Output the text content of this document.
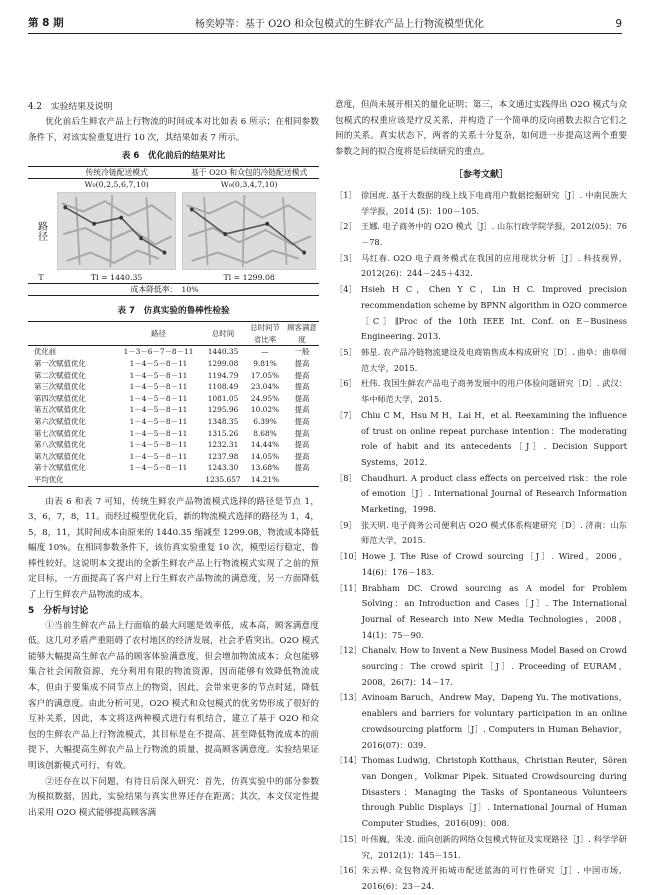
第 8 期	杨奕婷等：基于 O2O 和众包模式的生鲜农产品上行物流模型优化	9

4.2　实验结果及说明

优化前后生鲜农产品上行物流的时间成本对比如表 6 所示；在相同参数条件下，对该实验重复进行 10 次，其结果如表 7 所示。

表 6　优化前后的结果对比
	传统冷链配送模式	基于 O2O 和众包的冷链配送模式
	W₀(0,2,5,6,7,10)	W₀(0,3,4,7,10)
路径	

T	Tl = 1440.35	Tl = 1299.08
	成本降低率：	10%
表 7　仿真实验的鲁棒性检验
	路径	总时间	总时间节省比率	顾客满意度
优化前	1－3－6－7－8－11	1440.35	—	一般
第一次赋值优化	1－4－5－8－11	1299.08	9.81%	提高
第二次赋值优化	1－4－5－8－11	1194.79	17.05%	提高
第三次赋值优化	1－4－5－8－11	1108.49	23.04%	提高
第四次赋值优化	1－4－5－8－11	1081.05	24.95%	提高
第五次赋值优化	1－4－5－8－11	1295.96	10.02%	提高
第六次赋值优化	1－4－5－8－11	1348.35	6.39%	提高
第七次赋值优化	1－4－5－8－11	1315.26	8.68%	提高
第八次赋值优化	1－4－5－8－11	1232.31	14.44%	提高
第九次赋值优化	1－4－5－8－11	1237.98	14.05%	提高
第十次赋值优化	1－4－5－8－11	1243.30	13.68%	提高
平均优化		1235.657	14.21%	

由表 6 和表 7 可知，传统生鲜农产品物流模式选择的路径是节点 1，3，6，7，8，11。而经过模型优化后，新的物流模式选择的路径为 1，4，5，8，11，其时间成本由原来的 1440.35 缩减至 1299.08，物流成本降低幅度 10%。在相同参数条件下，该仿真实验重复 10 次，模型运行稳定，鲁棒性较好。这说明本文提出的全新生鲜农产品上行物流模式实现了之前的预定目标，一方面提高了客户对上行生鲜农产品物流的满意度，另一方面降低了上行生鲜农产品物流的成本。

5　分析与讨论

①当前生鲜农产品上行面临的最大问题是效率低，成本高，顾客满意度低。这几对矛盾严重阻碍了农村地区的经济发展，社会矛盾突出。O2O 模式能够大幅提高生鲜农产品的顾客体验满意度，但会增加物流成本；众包能够集合社会闲散资源，充分利用有限的物流资源，因而能够有效降低物流成本，但由于要集成不同节点上的物资，因此，会带来更多的节点时延，降低客户的满意度。由此分析可见，O2O 模式和众包模式的优劣势形成了很好的互补关系，因此，本文将这两种模式进行有机结合，建立了基于 O2O 和众包的生鲜农产品上行物流模式，其目标是在不提高、甚至降低物流成本的前提下，大幅提高生鲜农产品上行物流的质量，提高顾客满意度。实验结果证明该创新模式可行，有效。

②还存在以下问题，有待日后深入研究：首先，仿真实验中的部分参数为模拟数据，因此，实验结果与真实世界还存在距离；其次，本文仅定性提出采用 O2O 模式能够提高顾客满

意度，但尚未展开相关的量化证明；第三，本文通过实践得出 O2O 模式与众包模式的权重应该是疗反关系，并构造了一个简单的反向函数去拟合它们之间的关系。真实状态下，两者的关系十分复杂，如何进一步提高这两个重要参数之间的拟合度将是后续研究的重点。

［参考文献］
［1］ 徐国虎. 基于大数据的线上线下电商用户数据挖掘研究［J］. 中南民族大学学报，2014 (5)：100－105.
［2］ 王娜. 电子商务中的 O2O 模式［J］. 山东行政学院学报，2012(05)：76－78.
［3］ 马红春. O2O 电子商务模式在我国的应用现状分析［J］. 科技视界，2012(26)：244－245＋432.
［4］ Hsieh H C，Chen Y C，Lin H C. Improved precision recommendation scheme by BPNN algorithm in O2O commerce［C］∥Proc of the 10th IEEE Int. Conf. on E－Business Engineering. 2013.
［5］ 韩星. 农产品冷链物流建设及电商销售成本构成研究［D］. 曲阜：曲阜师范大学，2015.
［6］ 杜伟. 我国生鲜农产品电子商务发展中的用户体验问题研究［D］. 武汉：华中师范大学，2015.
［7］ Chiu C M，Hsu M H，Lai H，et al. Reexamining the influence of trust on online repeat purchase intention：The moderating role of habit and its antecedents［J］. Decision Support Systems，2012.
［8］ Chaudhuri. A product class effects on perceived risk：the role of emotion［J］. International Journal of Research Information Marketing，1998.
［9］ 张天明. 电子商务公司便利店 O2O 模式体系构建研究［D］. 济南：山东师范大学，2015.
［10］ Howe J. The Rise of Crowd sourcing［J］. Wired，2006，14(6)：176－183.
［11］ Brabham DC. Crowd sourcing as A model for Problem Solving：an Introduction and Cases［J］. The International Journal of Research into New Media Technologies，2008，14(1)：75－90.
［12］ Chanalv. How to Invent a New Business Model Based on Crowd sourcing：The crowd spirit［J］. Proceeding of EURAM，2008，26(7)：14－17.
［13］ Avinoam Baruch，Andrew May，Dapeng Yu. The motivations，enablers and barriers for voluntary participation in an online crowdsourcing platform［J］. Computers in Human Behavior，2016(07)：039.
［14］ Thomas Ludwig，Christoph Kotthaus，Christian Reuter，Sören van Dongen，Volkmar Pipek. Situated Crowdsourcing during Disasters：Managing the Tasks of Spontaneous Volunteers through Public Displays［J］. International Journal of Human Computer Studies，2016(09)：008.
［15］ 叶伟巍，朱凌. 面向创新的网络众包模式特征及实现路径［J］. 科学学研究，2012(1)：145－151.
［16］ 朱云桦. 众包物流开拓城市配送蓝海的可行性研究［J］. 中国市场，2016(6)：23－24.
